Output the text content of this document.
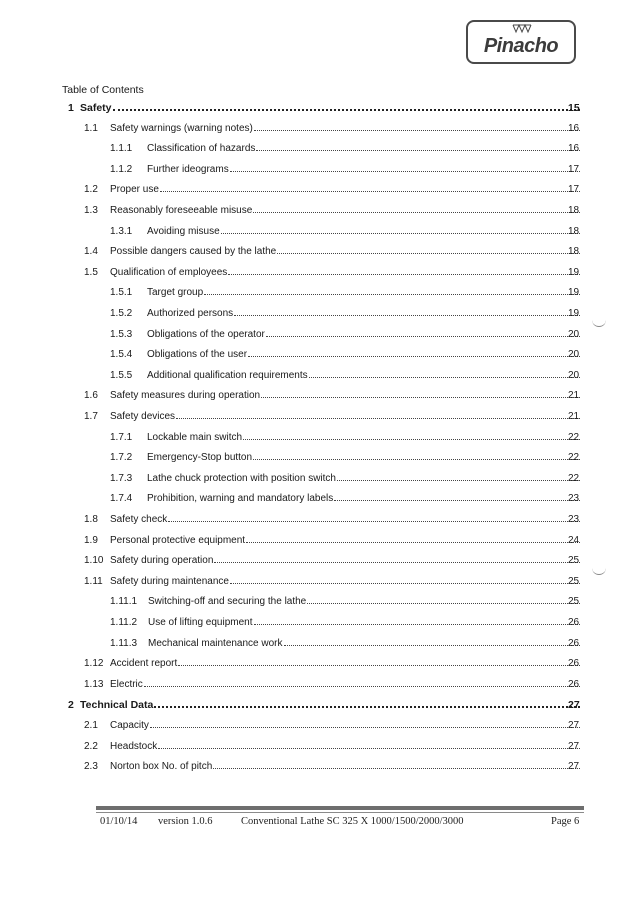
Pinacho
Table of Contents
1 Safety	15
1.1 Safety warnings (warning notes)	16
1.1.1 Classification of hazards	16
1.1.2 Further ideograms	17
1.2 Proper use	17
1.3 Reasonably foreseeable misuse	18
1.3.1 Avoiding misuse	18
1.4 Possible dangers caused by the lathe	18
1.5 Qualification of employees	19
1.5.1 Target group	19
1.5.2 Authorized persons	19
1.5.3 Obligations of the operator	20
1.5.4 Obligations of the user	20
1.5.5 Additional qualification requirements	20
1.6 Safety measures during operation	21
1.7 Safety devices	21
1.7.1 Lockable main switch	22
1.7.2 Emergency-Stop button	22
1.7.3 Lathe chuck protection with position switch	22
1.7.4 Prohibition, warning and mandatory labels	23
1.8 Safety check	23
1.9 Personal protective equipment	24
1.10 Safety during operation	25
1.11 Safety during maintenance	25
1.11.1 Switching-off and securing the lathe	25
1.11.2 Use of lifting equipment	26
1.11.3 Mechanical maintenance work	26
1.12 Accident report	26
1.13 Electric	26
2 Technical Data	27
2.1 Capacity	27
2.2 Headstock	27
2.3 Norton box No. of pitch	27
01/10/14 version 1.0.6	Conventional Lathe SC 325 X 1000/1500/2000/3000	Page 6
